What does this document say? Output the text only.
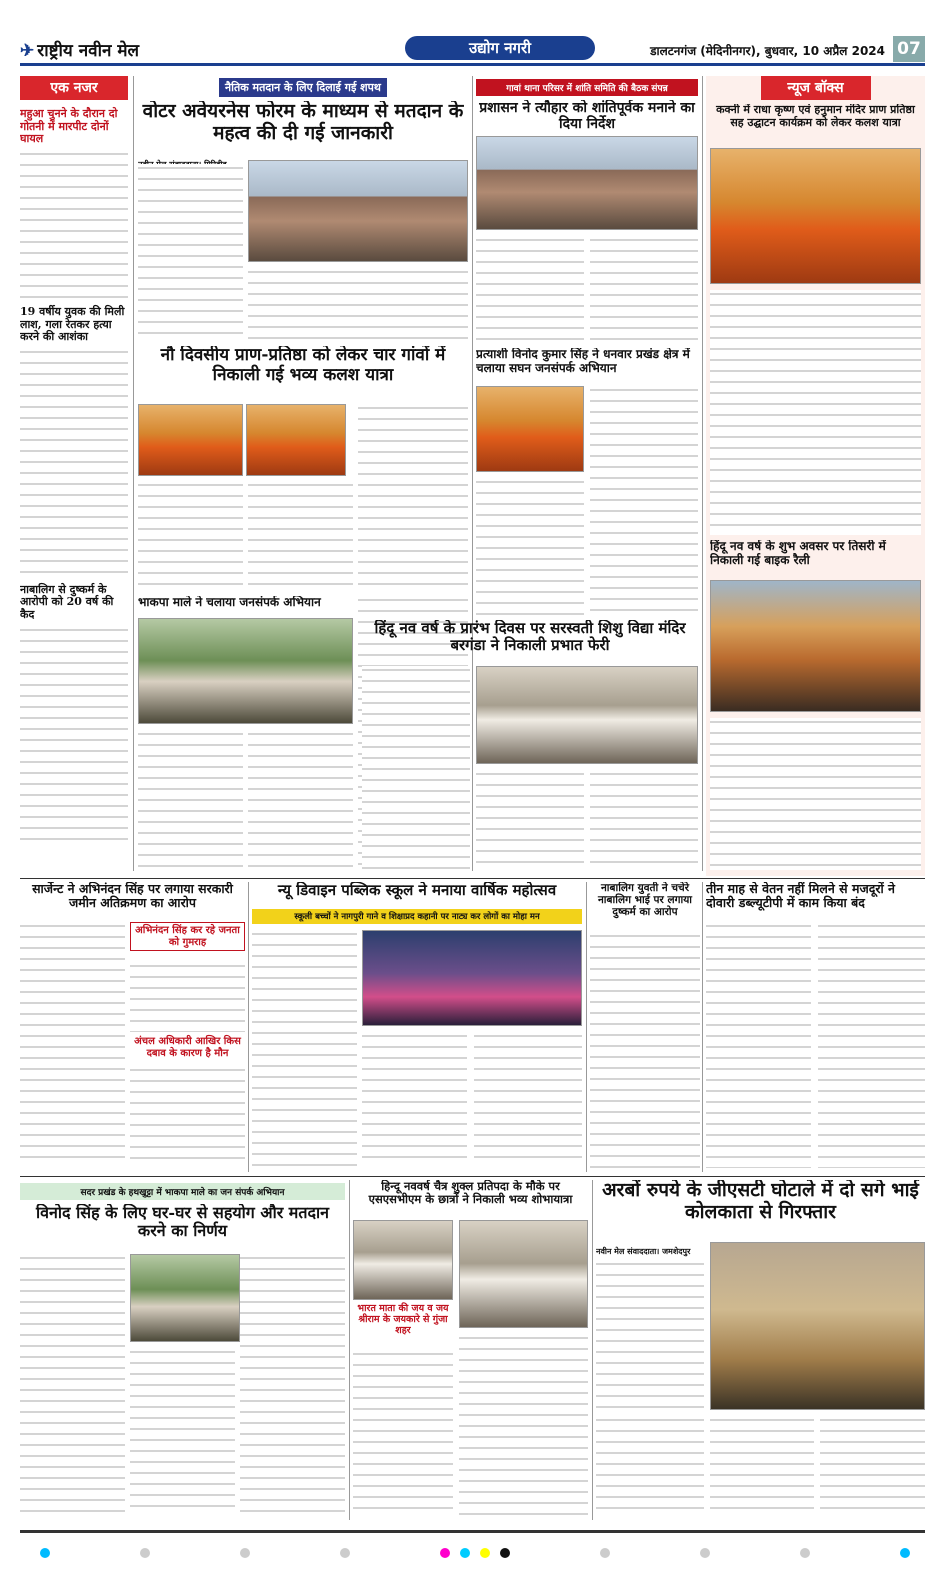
✈ राष्ट्रीय नवीन मेल	उद्योग नगरी	डालटनगंज (मेदिनीनगर), बुधवार, 10 अप्रैल 2024 07
एक नजर
महुआ चुनने के दौरान दो गोतनी में मारपीट दोनों घायल
19 वर्षीय युवक की मिली लाश, गला रेतकर हत्या करने की आशंका
नाबालिग से दुष्कर्म के आरोपी को 20 वर्ष की कैद
नैतिक मतदान के लिए दिलाई गई शपथ
वोटर अवेयरनेस फोरम के माध्यम से मतदान के महत्व की दी गई जानकारी
नौ दिवसीय प्राण-प्रतिष्ठा को लेकर चार गांवों में निकाली गई भव्य कलश यात्रा
भाकपा माले ने चलाया जनसंपर्क अभियान
गावां थाना परिसर में शांति समिति की बैठक संपन्न
प्रशासन ने त्यौहार को शांतिपूर्वक मनाने का दिया निर्देश
प्रत्याशी विनोद कुमार सिंह ने धनवार प्रखंड क्षेत्र में चलाया सघन जनसंपर्क अभियान
हिंदू नव वर्ष के प्रारंभ दिवस पर सरस्वती शिशु विद्या मंदिर बरगंडा ने निकाली प्रभात फेरी
न्यूज बॉक्स
कक्नी में राधा कृष्ण एवं हनुमान मंदिर प्राण प्रतिष्ठा सह उद्घाटन कार्यक्रम को लेकर कलश यात्रा
हिंदू नव वर्ष के शुभ अवसर पर तिसरी में निकाली गई बाइक रैली
सार्जेन्ट ने अभिनंदन सिंह पर लगाया सरकारी जमीन अतिक्रमण का आरोप
अभिनंदन सिंह कर रहे जनता को गुमराह
अंचल अधिकारी आखिर किस दबाव के कारण है मौन
न्यू डिवाइन पब्लिक स्कूल ने मनाया वार्षिक महोत्सव
स्कूली बच्चों ने नागपुरी गाने व शिक्षाप्रद कहानी पर नाट्य कर लोगों का मोहा मन
नाबालिग युवती ने चचेरे नाबालिग भाई पर लगाया दुष्कर्म का आरोप
तीन माह से वेतन नहीं मिलने से मजदूरों ने दोवारी डब्ल्यूटीपी में काम किया बंद
सदर प्रखंड के हथखुट्टा में भाकपा माले का जन संपर्क अभियान
विनोद सिंह के लिए घर-घर से सहयोग और मतदान करने का निर्णय
हिन्दू नववर्ष चैत्र शुक्ल प्रतिपदा के मौके पर एसएसभीएम के छात्रों ने निकाली भव्य शोभायात्रा
भारत माता की जय व जय श्रीराम के जयकारे से गुंजा शहर
अरबों रुपये के जीएसटी घोटाले में दो सगे भाई कोलकाता से गिरफ्तार
नवीन मेल संवाददाता। जमशेदपुर
